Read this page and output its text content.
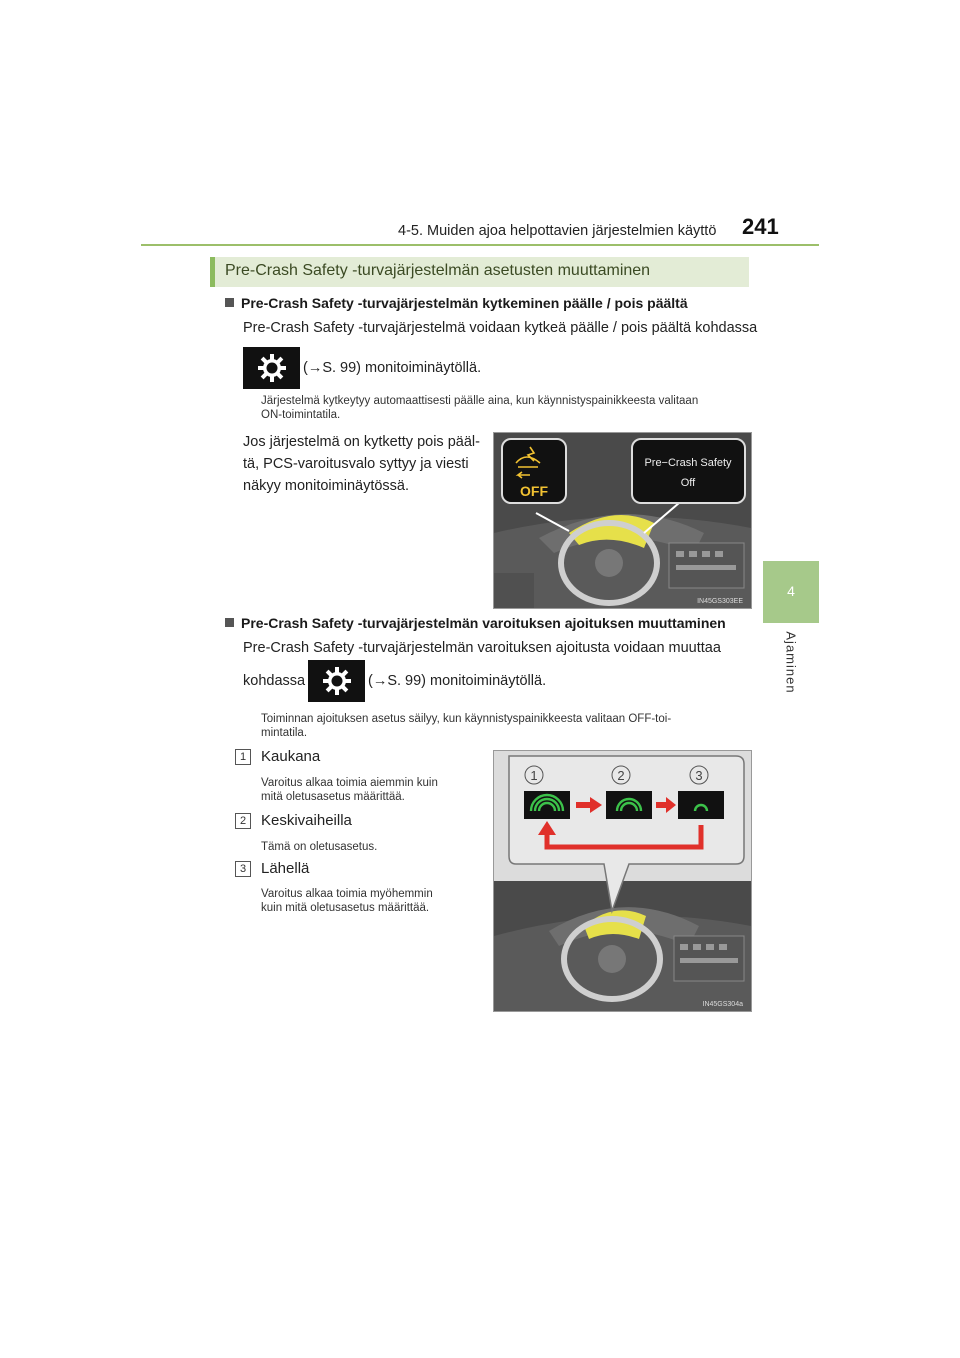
4-5. Muiden ajoa helpottavien järjestelmien käyttö 241
4
Ajaminen
Pre-Crash Safety -turvajärjestelmän asetusten muuttaminen
Pre-Crash Safety -turvajärjestelmän kytkeminen päälle / pois päältä
Pre-Crash Safety -turvajärjestelmä voidaan kytkeä päälle / pois päältä kohdassa
(→S. 99) monitoiminäytöllä.
Järjestelmä kytkeytyy automaattisesti päälle aina, kun käynnistyspainikkeesta valitaan
ON-toimintatila.
Jos järjestelmä on kytketty pois pääl-
tä, PCS-varoitusvalo syttyy ja viesti
näkyy monitoiminäytössä.	OFF
Pre−Crash Safety
Off
IN45GS303EE
Pre-Crash Safety -turvajärjestelmän varoituksen ajoituksen muuttaminen
Pre-Crash Safety -turvajärjestelmän varoituksen ajoitusta voidaan muuttaa
kohdassa	(→S. 99) monitoiminäytöllä.
Toiminnan ajoituksen asetus säilyy, kun käynnistyspainikkeesta valitaan OFF-toi-
mintatila.
1 Kaukana
Varoitus alkaa toimia aiemmin kuin
mitä oletusasetus määrittää.
2 Keskivaiheilla
Tämä on oletusasetus.
3 Lähellä
Varoitus alkaa toimia myöhemmin
kuin mitä oletusasetus määrittää.
1	2	3
IN45GS304a
